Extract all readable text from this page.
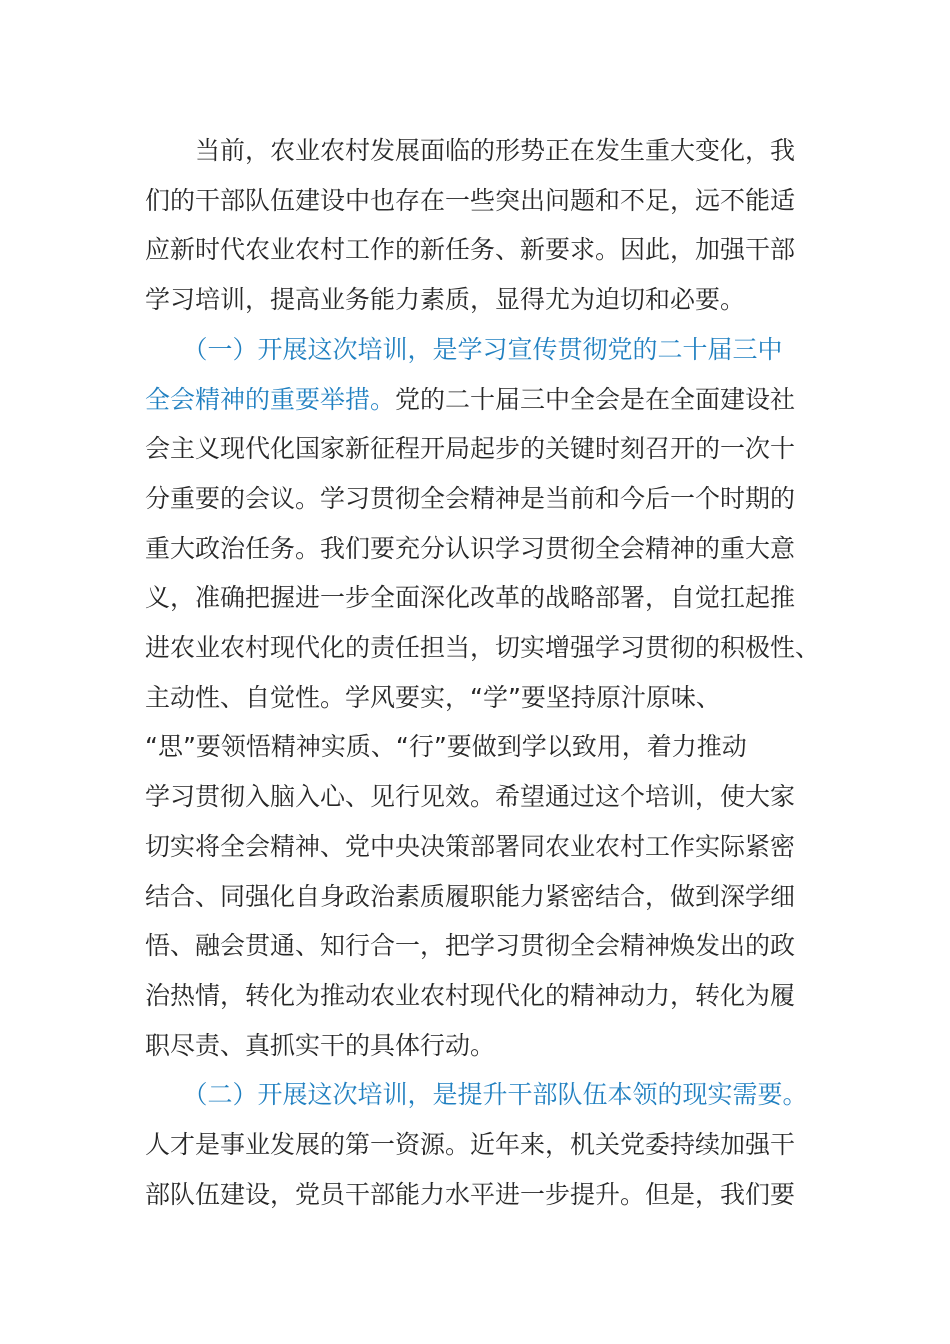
　　当前，农业农村发展面临的形势正在发生重大变化，我
们的干部队伍建设中也存在一些突出问题和不足，远不能适
应新时代农业农村工作的新任务、新要求。因此，加强干部
学习培训，提高业务能力素质，显得尤为迫切和必要。
　　（一）开展这次培训，是学习宣传贯彻党的二十届三中
全会精神的重要举措。党的二十届三中全会是在全面建设社
会主义现代化国家新征程开局起步的关键时刻召开的一次十
分重要的会议。学习贯彻全会精神是当前和今后一个时期的
重大政治任务。我们要充分认识学习贯彻全会精神的重大意
义，准确把握进一步全面深化改革的战略部署，自觉扛起推
进农业农村现代化的责任担当，切实增强学习贯彻的积极性、
主动性、自觉性。学风要实，“学”要坚持原汁原味、
“思”要领悟精神实质、“行”要做到学以致用，着力推动
学习贯彻入脑入心、见行见效。希望通过这个培训，使大家
切实将全会精神、党中央决策部署同农业农村工作实际紧密
结合、同强化自身政治素质履职能力紧密结合，做到深学细
悟、融会贯通、知行合一，把学习贯彻全会精神焕发出的政
治热情，转化为推动农业农村现代化的精神动力，转化为履
职尽责、真抓实干的具体行动。
　　（二）开展这次培训，是提升干部队伍本领的现实需要。
人才是事业发展的第一资源。近年来，机关党委持续加强干
部队伍建设，党员干部能力水平进一步提升。但是，我们要
